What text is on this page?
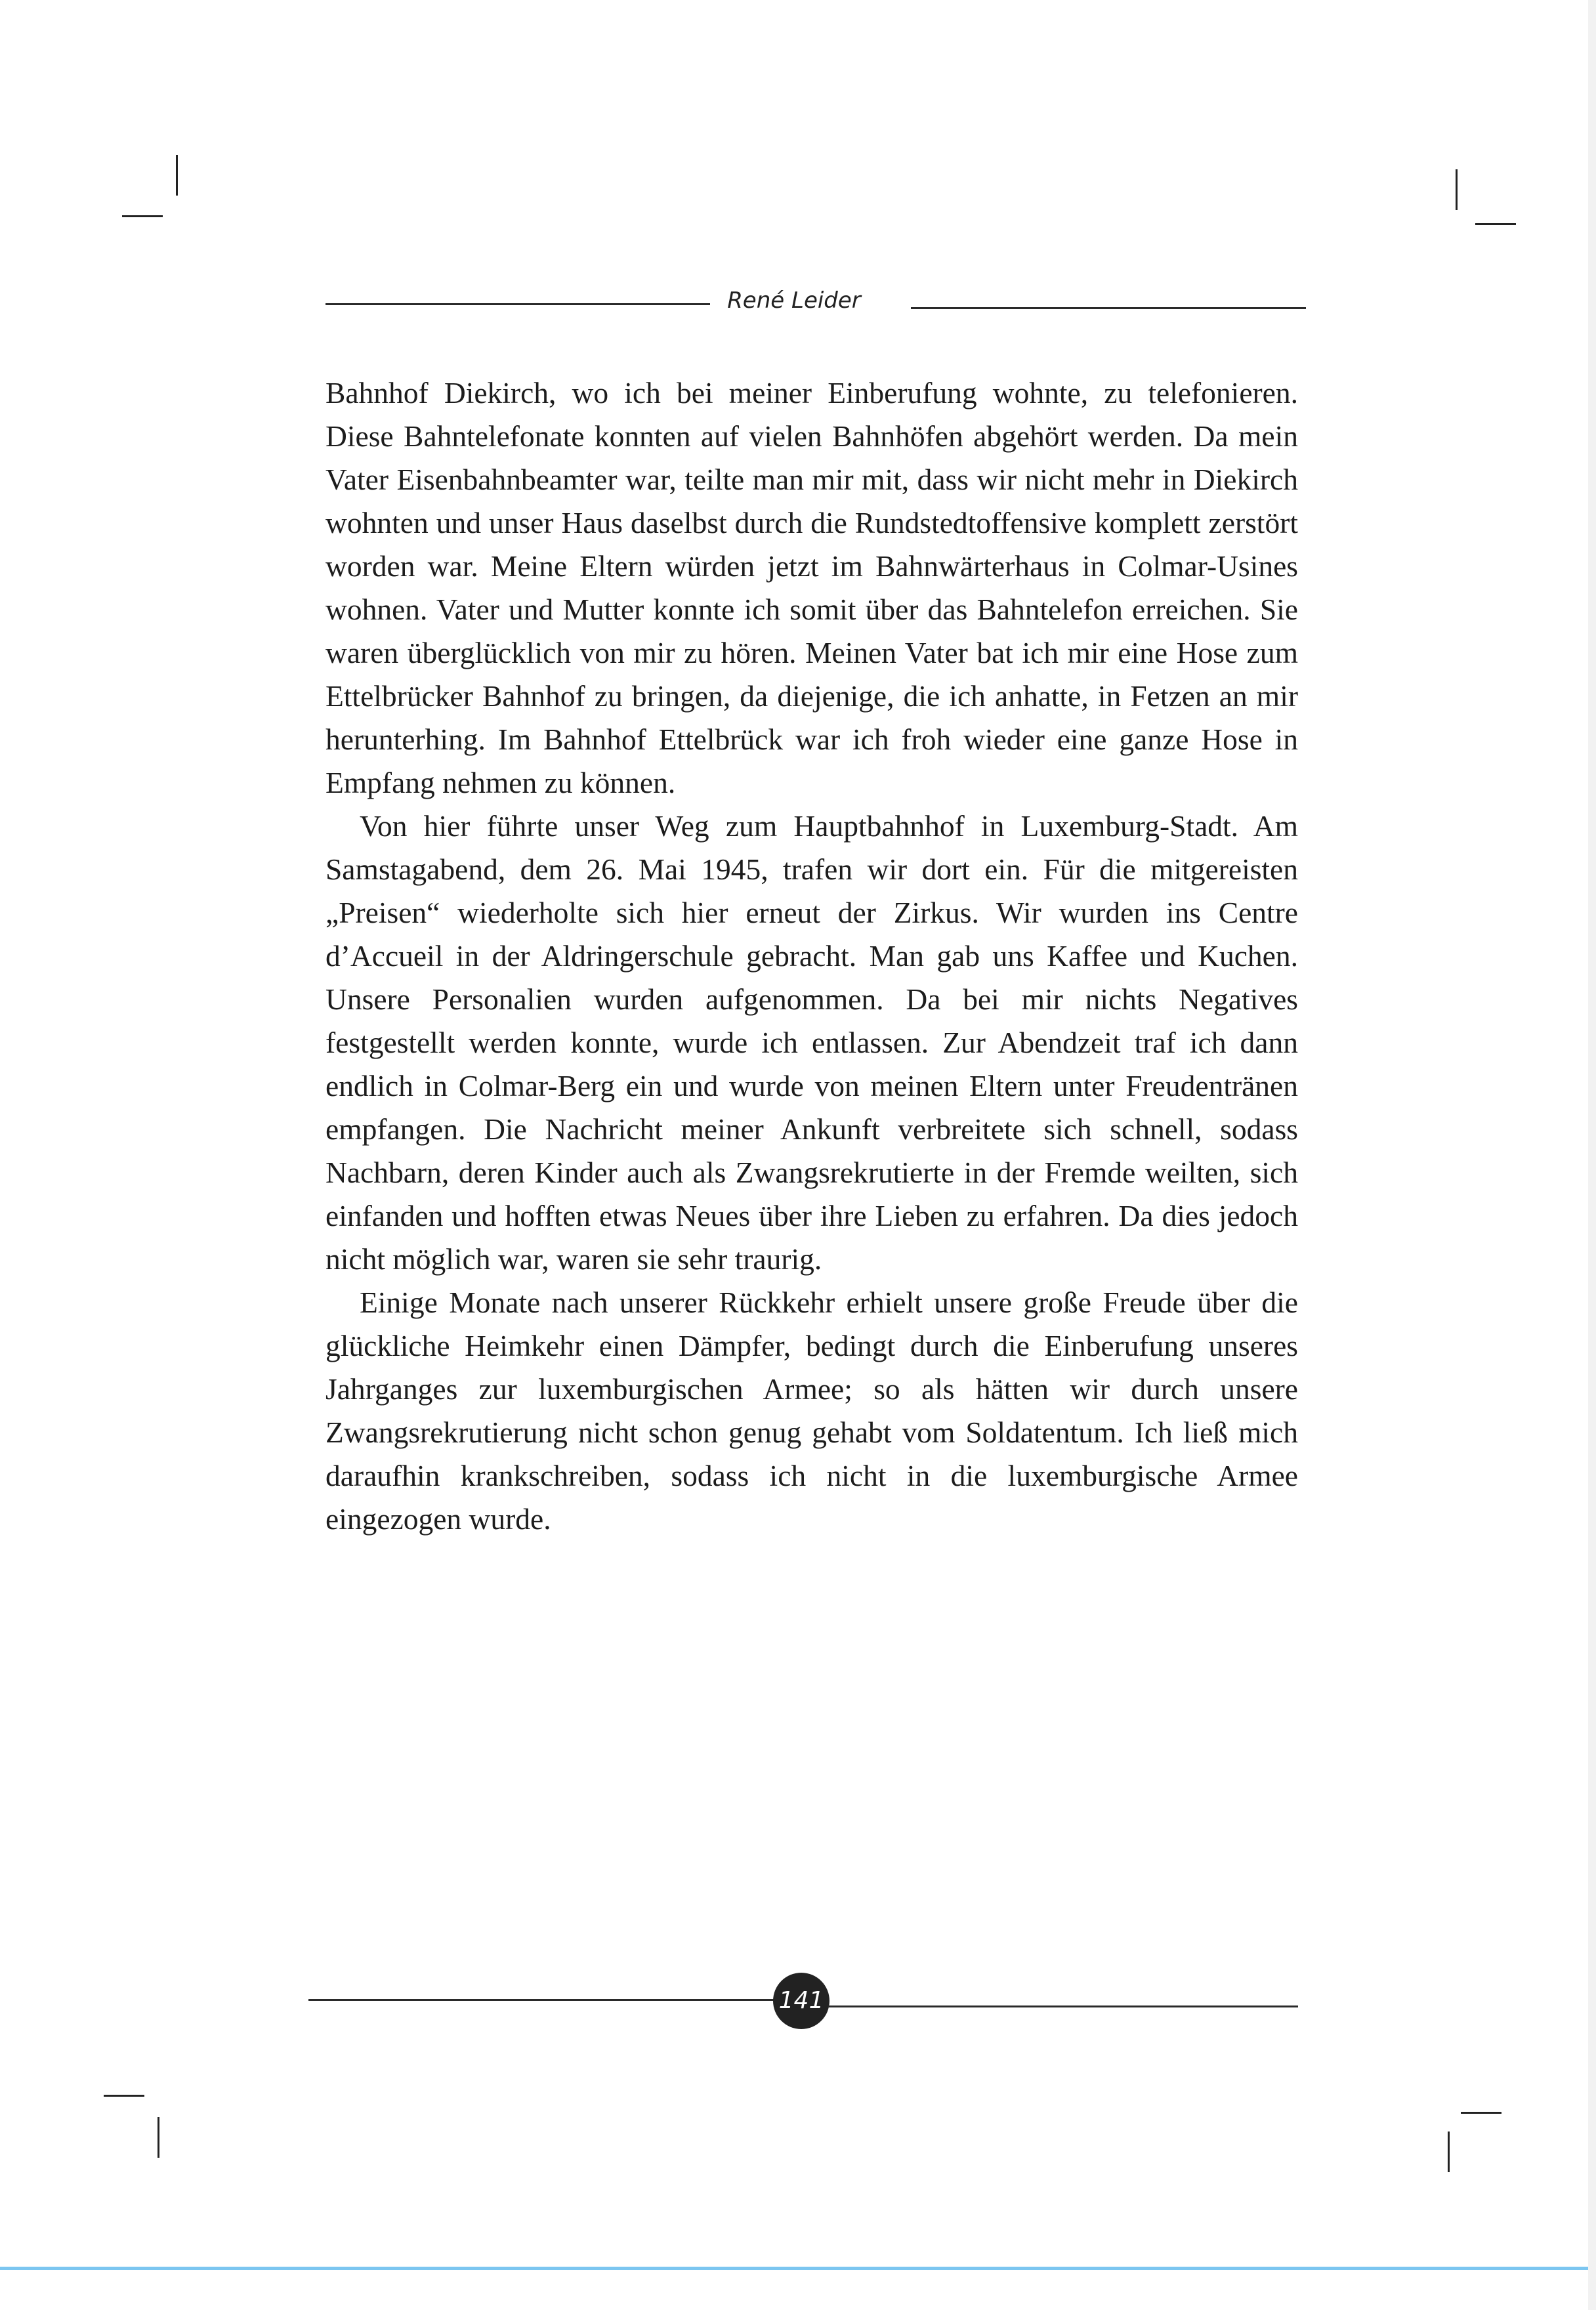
René Leider

Bahnhof Diekirch, wo ich bei meiner Einberufung wohnte, zu telefonieren. Diese Bahntelefonate konnten auf vielen Bahnhöfen abgehört werden. Da mein Vater Eisenbahnbeamter war, teilte man mir mit, dass wir nicht mehr in Diekirch wohnten und unser Haus daselbst durch die Rundstedtoffensive komplett zerstört worden war. Meine Eltern würden jetzt im Bahnwärterhaus in Colmar-Usines wohnen. Vater und Mutter konnte ich somit über das Bahntelefon erreichen. Sie waren überglücklich von mir zu hören. Meinen Vater bat ich mir eine Hose zum Ettelbrücker Bahnhof zu bringen, da diejenige, die ich anhatte, in Fetzen an mir herunterhing. Im Bahnhof Ettelbrück war ich froh wieder eine ganze Hose in Empfang nehmen zu können.

Von hier führte unser Weg zum Hauptbahnhof in Luxemburg-Stadt. Am Samstagabend, dem 26. Mai 1945, trafen wir dort ein. Für die mitgereisten „Preisen“ wiederholte sich hier erneut der Zirkus. Wir wurden ins Centre d’Accueil in der Aldringerschule gebracht. Man gab uns Kaffee und Kuchen. Unsere Personalien wurden aufgenommen. Da bei mir nichts Negatives festgestellt werden konnte, wurde ich entlassen. Zur Abendzeit traf ich dann endlich in Colmar-Berg ein und wurde von meinen Eltern unter Freudentränen empfangen. Die Nachricht meiner Ankunft verbreitete sich schnell, sodass Nachbarn, deren Kinder auch als Zwangsrekrutierte in der Fremde weilten, sich einfanden und hofften etwas Neues über ihre Lieben zu erfahren. Da dies jedoch nicht möglich war, waren sie sehr traurig.

Einige Monate nach unserer Rückkehr erhielt unsere große Freude über die glückliche Heimkehr einen Dämpfer, bedingt durch die Einberufung unseres Jahrganges zur luxemburgischen Armee; so als hätten wir durch unsere Zwangsrekrutierung nicht schon genug gehabt vom Soldatentum. Ich ließ mich daraufhin krankschreiben, sodass ich nicht in die luxemburgische Armee eingezogen wurde.

141
